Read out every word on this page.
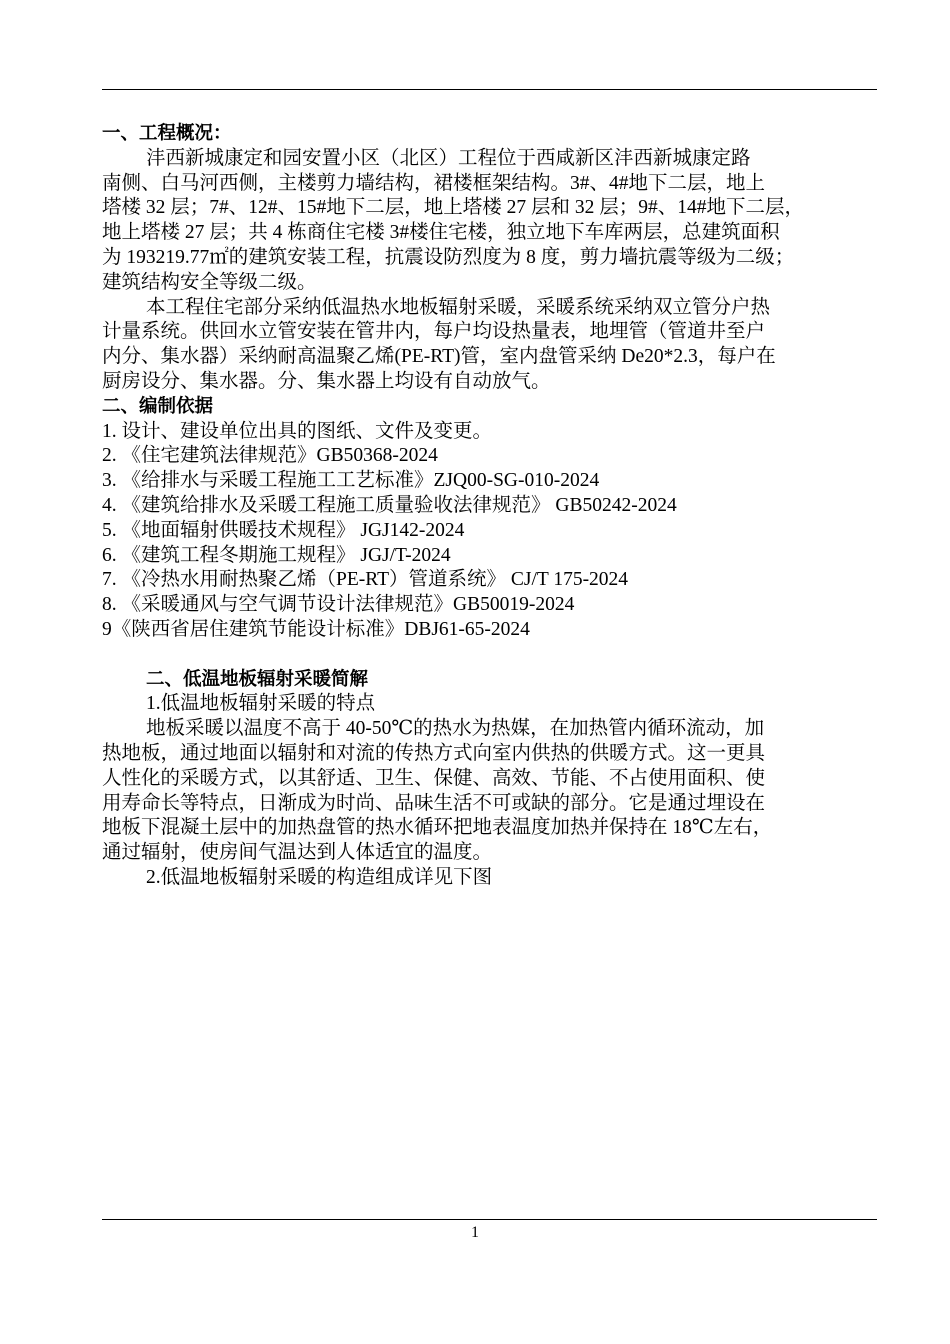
一、工程概况：
沣西新城康定和园安置小区（北区）工程位于西咸新区沣西新城康定路
南侧、白马河西侧，主楼剪力墙结构，裙楼框架结构。3#、4#地下二层，地上
塔楼 32 层；7#、12#、15#地下二层，地上塔楼 27 层和 32 层；9#、14#地下二层，
地上塔楼 27 层；共 4 栋商住宅楼 3#楼住宅楼，独立地下车库两层，总建筑面积
为 193219.77㎡的建筑安装工程，抗震设防烈度为 8 度，剪力墙抗震等级为二级；
建筑结构安全等级二级。
本工程住宅部分采纳低温热水地板辐射采暖，采暖系统采纳双立管分户热
计量系统。供回水立管安装在管井内，每户均设热量表，地埋管（管道井至户
内分、集水器）采纳耐高温聚乙烯(PE-RT)管，室内盘管采纳 De20*2.3，每户在
厨房设分、集水器。分、集水器上均设有自动放气。
二、编制依据
1. 设计、建设单位出具的图纸、文件及变更。
2. 《住宅建筑法律规范》GB50368-2024
3. 《给排水与采暖工程施工工艺标准》ZJQ00-SG-010-2024
4. 《建筑给排水及采暖工程施工质量验收法律规范》 GB50242-2024
5. 《地面辐射供暖技术规程》 JGJ142-2024
6. 《建筑工程冬期施工规程》 JGJ/T-2024
7. 《冷热水用耐热聚乙烯（PE-RT）管道系统》 CJ/T 175-2024
8. 《采暖通风与空气调节设计法律规范》GB50019-2024
9《陕西省居住建筑节能设计标准》DBJ61-65-2024
二、低温地板辐射采暖简解
1.低温地板辐射采暖的特点
地板采暖以温度不高于 40-50℃的热水为热媒，在加热管内循环流动，加
热地板，通过地面以辐射和对流的传热方式向室内供热的供暖方式。这一更具
人性化的采暖方式，以其舒适、卫生、保健、高效、节能、不占使用面积、使
用寿命长等特点，日渐成为时尚、品味生活不可或缺的部分。它是通过埋设在
地板下混凝土层中的加热盘管的热水循环把地表温度加热并保持在 18℃左右，
通过辐射，使房间气温达到人体适宜的温度。
2.低温地板辐射采暖的构造组成详见下图
1
